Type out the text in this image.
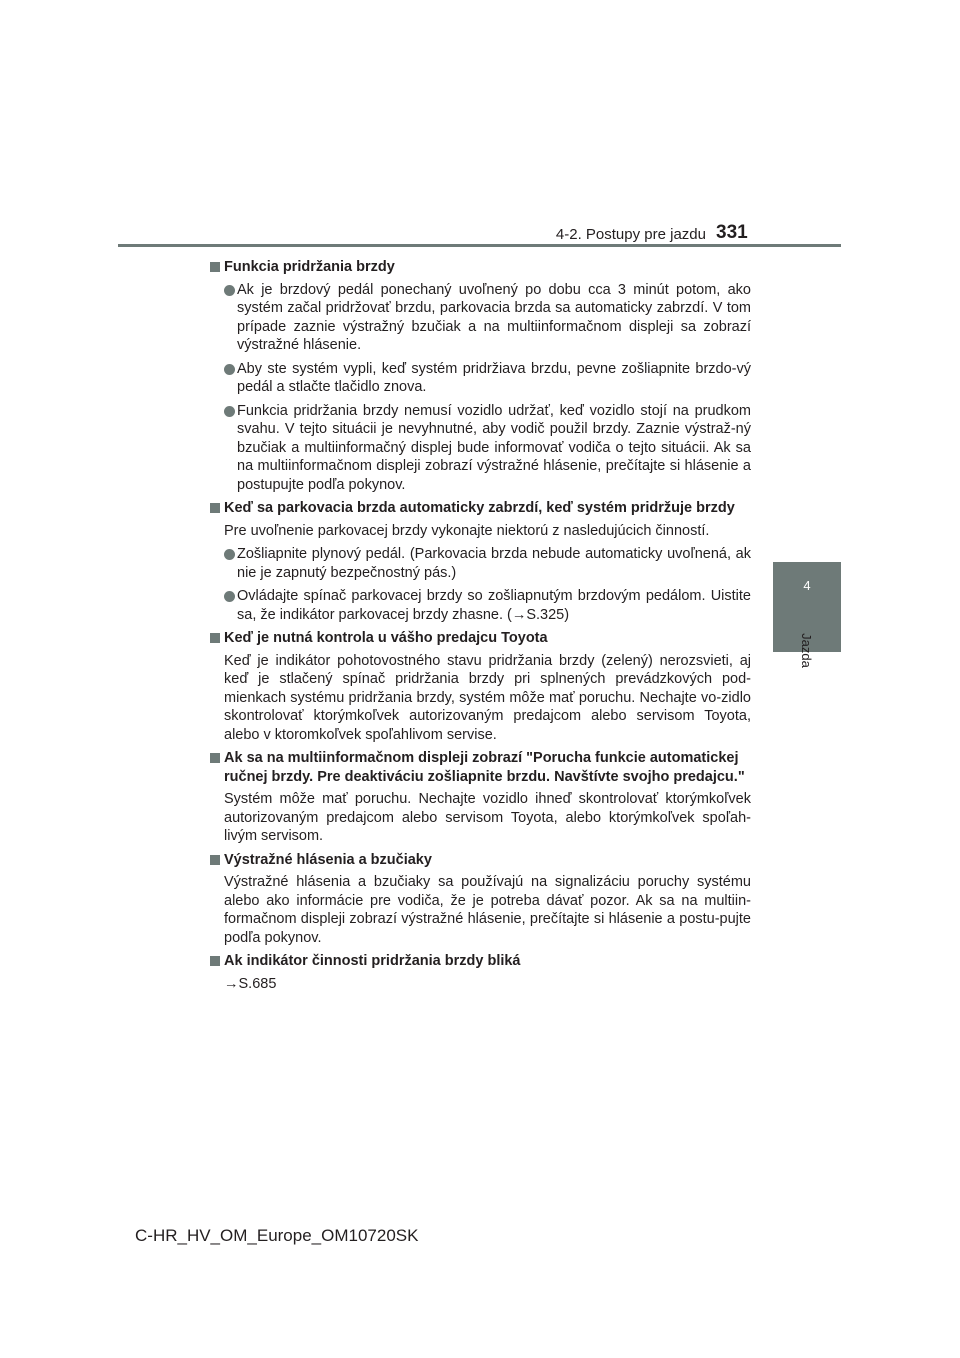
4-2. Postupy pre jazdu 331
4
Jazda
Funkcia pridržania brzdy
Ak je brzdový pedál ponechaný uvoľnený po dobu cca 3 minút potom, ako systém začal pridržovať brzdu, parkovacia brzda sa automaticky zabrzdí. V tom prípade zaznie výstražný bzučiak a na multiinformačnom displeji sa zobrazí výstražné hlásenie.
Aby ste systém vypli, keď systém pridržiava brzdu, pevne zošliapnite brzdo-vý pedál a stlačte tlačidlo znova.
Funkcia pridržania brzdy nemusí vozidlo udržať, keď vozidlo stojí na prudkom svahu. V tejto situácii je nevyhnutné, aby vodič použil brzdy. Zaznie výstraž-ný bzučiak a multiinformačný displej bude informovať vodiča o tejto situácii. Ak sa na multiinformačnom displeji zobrazí výstražné hlásenie, prečítajte si hlásenie a postupujte podľa pokynov.
Keď sa parkovacia brzda automaticky zabrzdí, keď systém pridržuje brzdy
Pre uvoľnenie parkovacej brzdy vykonajte niektorú z nasledujúcich činností.
Zošliapnite plynový pedál. (Parkovacia brzda nebude automaticky uvoľnená, ak nie je zapnutý bezpečnostný pás.)
Ovládajte spínač parkovacej brzdy so zošliapnutým brzdovým pedálom. Uistite sa, že indikátor parkovacej brzdy zhasne. (→S.325)
Keď je nutná kontrola u vášho predajcu Toyota
Keď je indikátor pohotovostného stavu pridržania brzdy (zelený) nerozsvieti, aj keď je stlačený spínač pridržania brzdy pri splnených prevádzkových pod-mienkach systému pridržania brzdy, systém môže mať poruchu. Nechajte vo-zidlo skontrolovať ktorýmkoľvek autorizovaným predajcom alebo servisom Toyota, alebo v ktoromkoľvek spoľahlivom servise.
Ak sa na multiinformačnom displeji zobrazí "Porucha funkcie automatickej ručnej brzdy. Pre deaktiváciu zošliapnite brzdu. Navštívte svojho predajcu."
Systém môže mať poruchu. Nechajte vozidlo ihneď skontrolovať ktorýmkoľvek autorizovaným predajcom alebo servisom Toyota, alebo ktorýmkoľvek spoľah-livým servisom.
Výstražné hlásenia a bzučiaky
Výstražné hlásenia a bzučiaky sa používajú na signalizáciu poruchy systému alebo ako informácie pre vodiča, že je potreba dávať pozor. Ak sa na multiin-formačnom displeji zobrazí výstražné hlásenie, prečítajte si hlásenie a postu-pujte podľa pokynov.
Ak indikátor činnosti pridržania brzdy bliká
→S.685
C-HR_HV_OM_Europe_OM10720SK
